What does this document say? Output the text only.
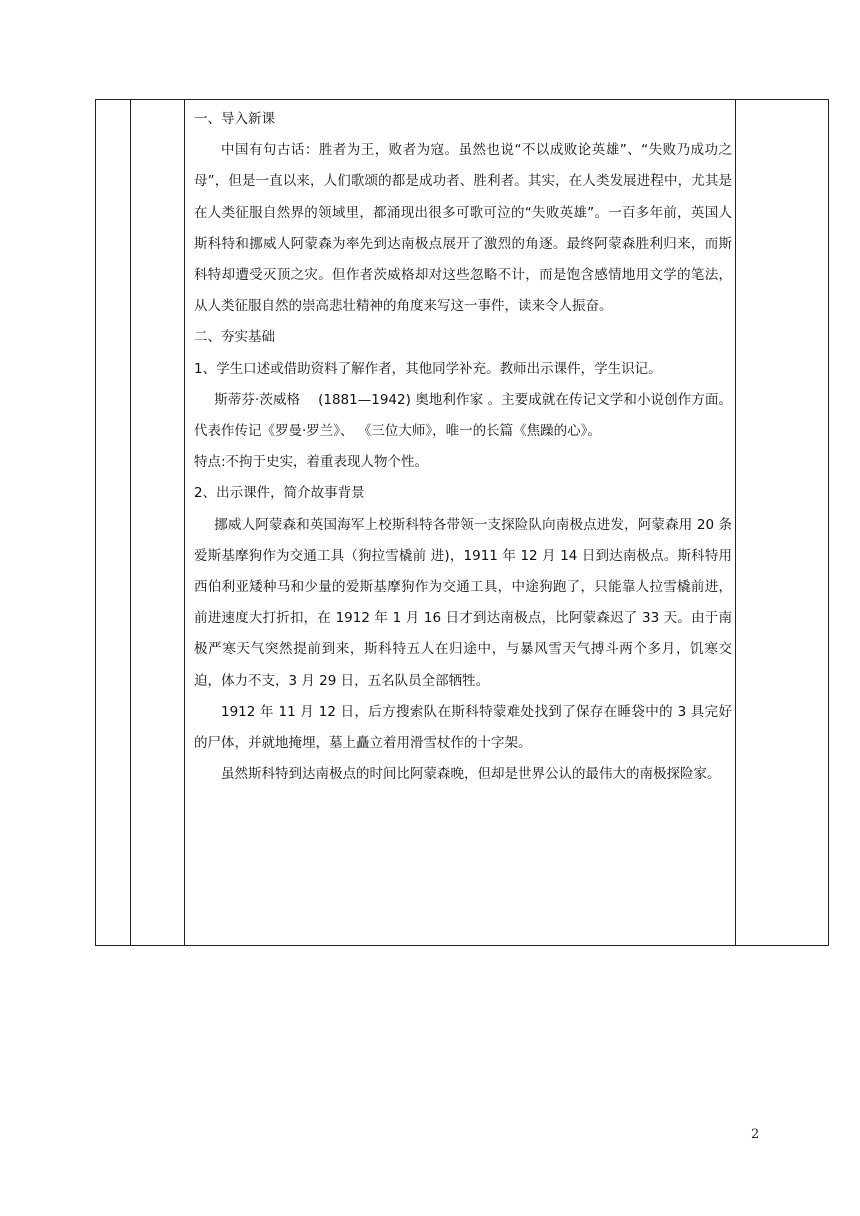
一、导入新课

中国有句古话：胜者为王，败者为寇。虽然也说“不以成败论英雄”、“失败乃成功之母”，但是一直以来，人们歌颂的都是成功者、胜利者。其实，在人类发展进程中，尤其是在人类征服自然界的领域里，都涌现出很多可歌可泣的“失败英雄”。一百多年前，英国人斯科特和挪威人阿蒙森为率先到达南极点展开了激烈的角逐。最终阿蒙森胜利归来，而斯科特却遭受灭顶之灾。但作者茨威格却对这些忽略不计，而是饱含感情地用文学的笔法，从人类征服自然的崇高悲壮精神的角度来写这一事件，读来令人振奋。

二、夯实基础

1、学生口述或借助资料了解作者，其他同学补充。教师出示课件，学生识记。

斯蒂芬·茨威格　 (1881—1942) 奥地利作家 。主要成就在传记文学和小说创作方面。 代表作传记《罗曼·罗兰》、 《三位大师》，唯一的长篇《焦躁的心》。

特点:不拘于史实，着重表现人物个性。

2、出示课件，简介故事背景

挪威人阿蒙森和英国海军上校斯科特各带领一支探险队向南极点进发，阿蒙森用 20 条爱斯基摩狗作为交通工具（狗拉雪橇前 进)，1911 年 12 月 14 日到达南极点。斯科特用西伯利亚矮种马和少量的爱斯基摩狗作为交通工具，中途狗跑了，只能靠人拉雪橇前进，前进速度大打折扣，在 1912 年 1 月 16 日才到达南极点，比阿蒙森迟了 33 天。由于南极严寒天气突然提前到来，斯科特五人在归途中，与暴风雪天气搏斗两个多月，饥寒交迫，体力不支，3 月 29 日，五名队员全部牺牲。

1912 年 11 月 12 日，后方搜索队在斯科特蒙难处找到了保存在睡袋中的 3 具完好的尸体，并就地掩埋，墓上矗立着用滑雪杖作的十字架。

虽然斯科特到达南极点的时间比阿蒙森晚，但却是世界公认的最伟大的南极探险家。

2
